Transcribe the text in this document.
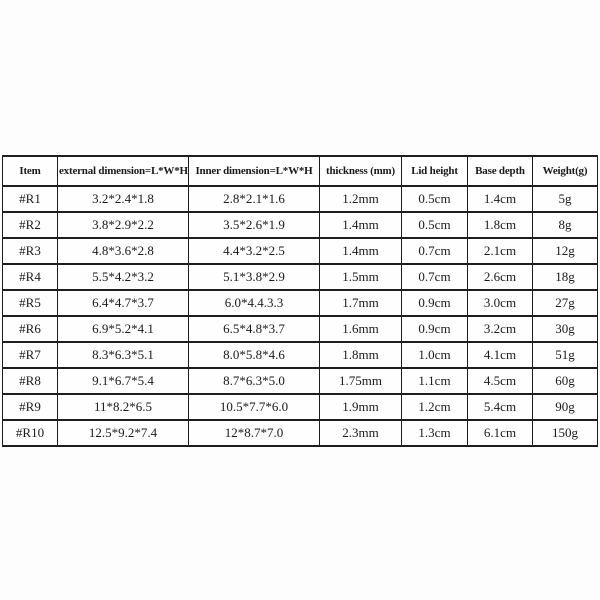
Item	external dimension=L*W*H	Inner dimension=L*W*H	thickness (mm)	Lid height	Base depth	Weight(g)
#R1	3.2*2.4*1.8	2.8*2.1*1.6	1.2mm	0.5cm	1.4cm	5g
#R2	3.8*2.9*2.2	3.5*2.6*1.9	1.4mm	0.5cm	1.8cm	8g
#R3	4.8*3.6*2.8	4.4*3.2*2.5	1.4mm	0.7cm	2.1cm	12g
#R4	5.5*4.2*3.2	5.1*3.8*2.9	1.5mm	0.7cm	2.6cm	18g
#R5	6.4*4.7*3.7	6.0*4.4.3.3	1.7mm	0.9cm	3.0cm	27g
#R6	6.9*5.2*4.1	6.5*4.8*3.7	1.6mm	0.9cm	3.2cm	30g
#R7	8.3*6.3*5.1	8.0*5.8*4.6	1.8mm	1.0cm	4.1cm	51g
#R8	9.1*6.7*5.4	8.7*6.3*5.0	1.75mm	1.1cm	4.5cm	60g
#R9	11*8.2*6.5	10.5*7.7*6.0	1.9mm	1.2cm	5.4cm	90g
#R10	12.5*9.2*7.4	12*8.7*7.0	2.3mm	1.3cm	6.1cm	150g
